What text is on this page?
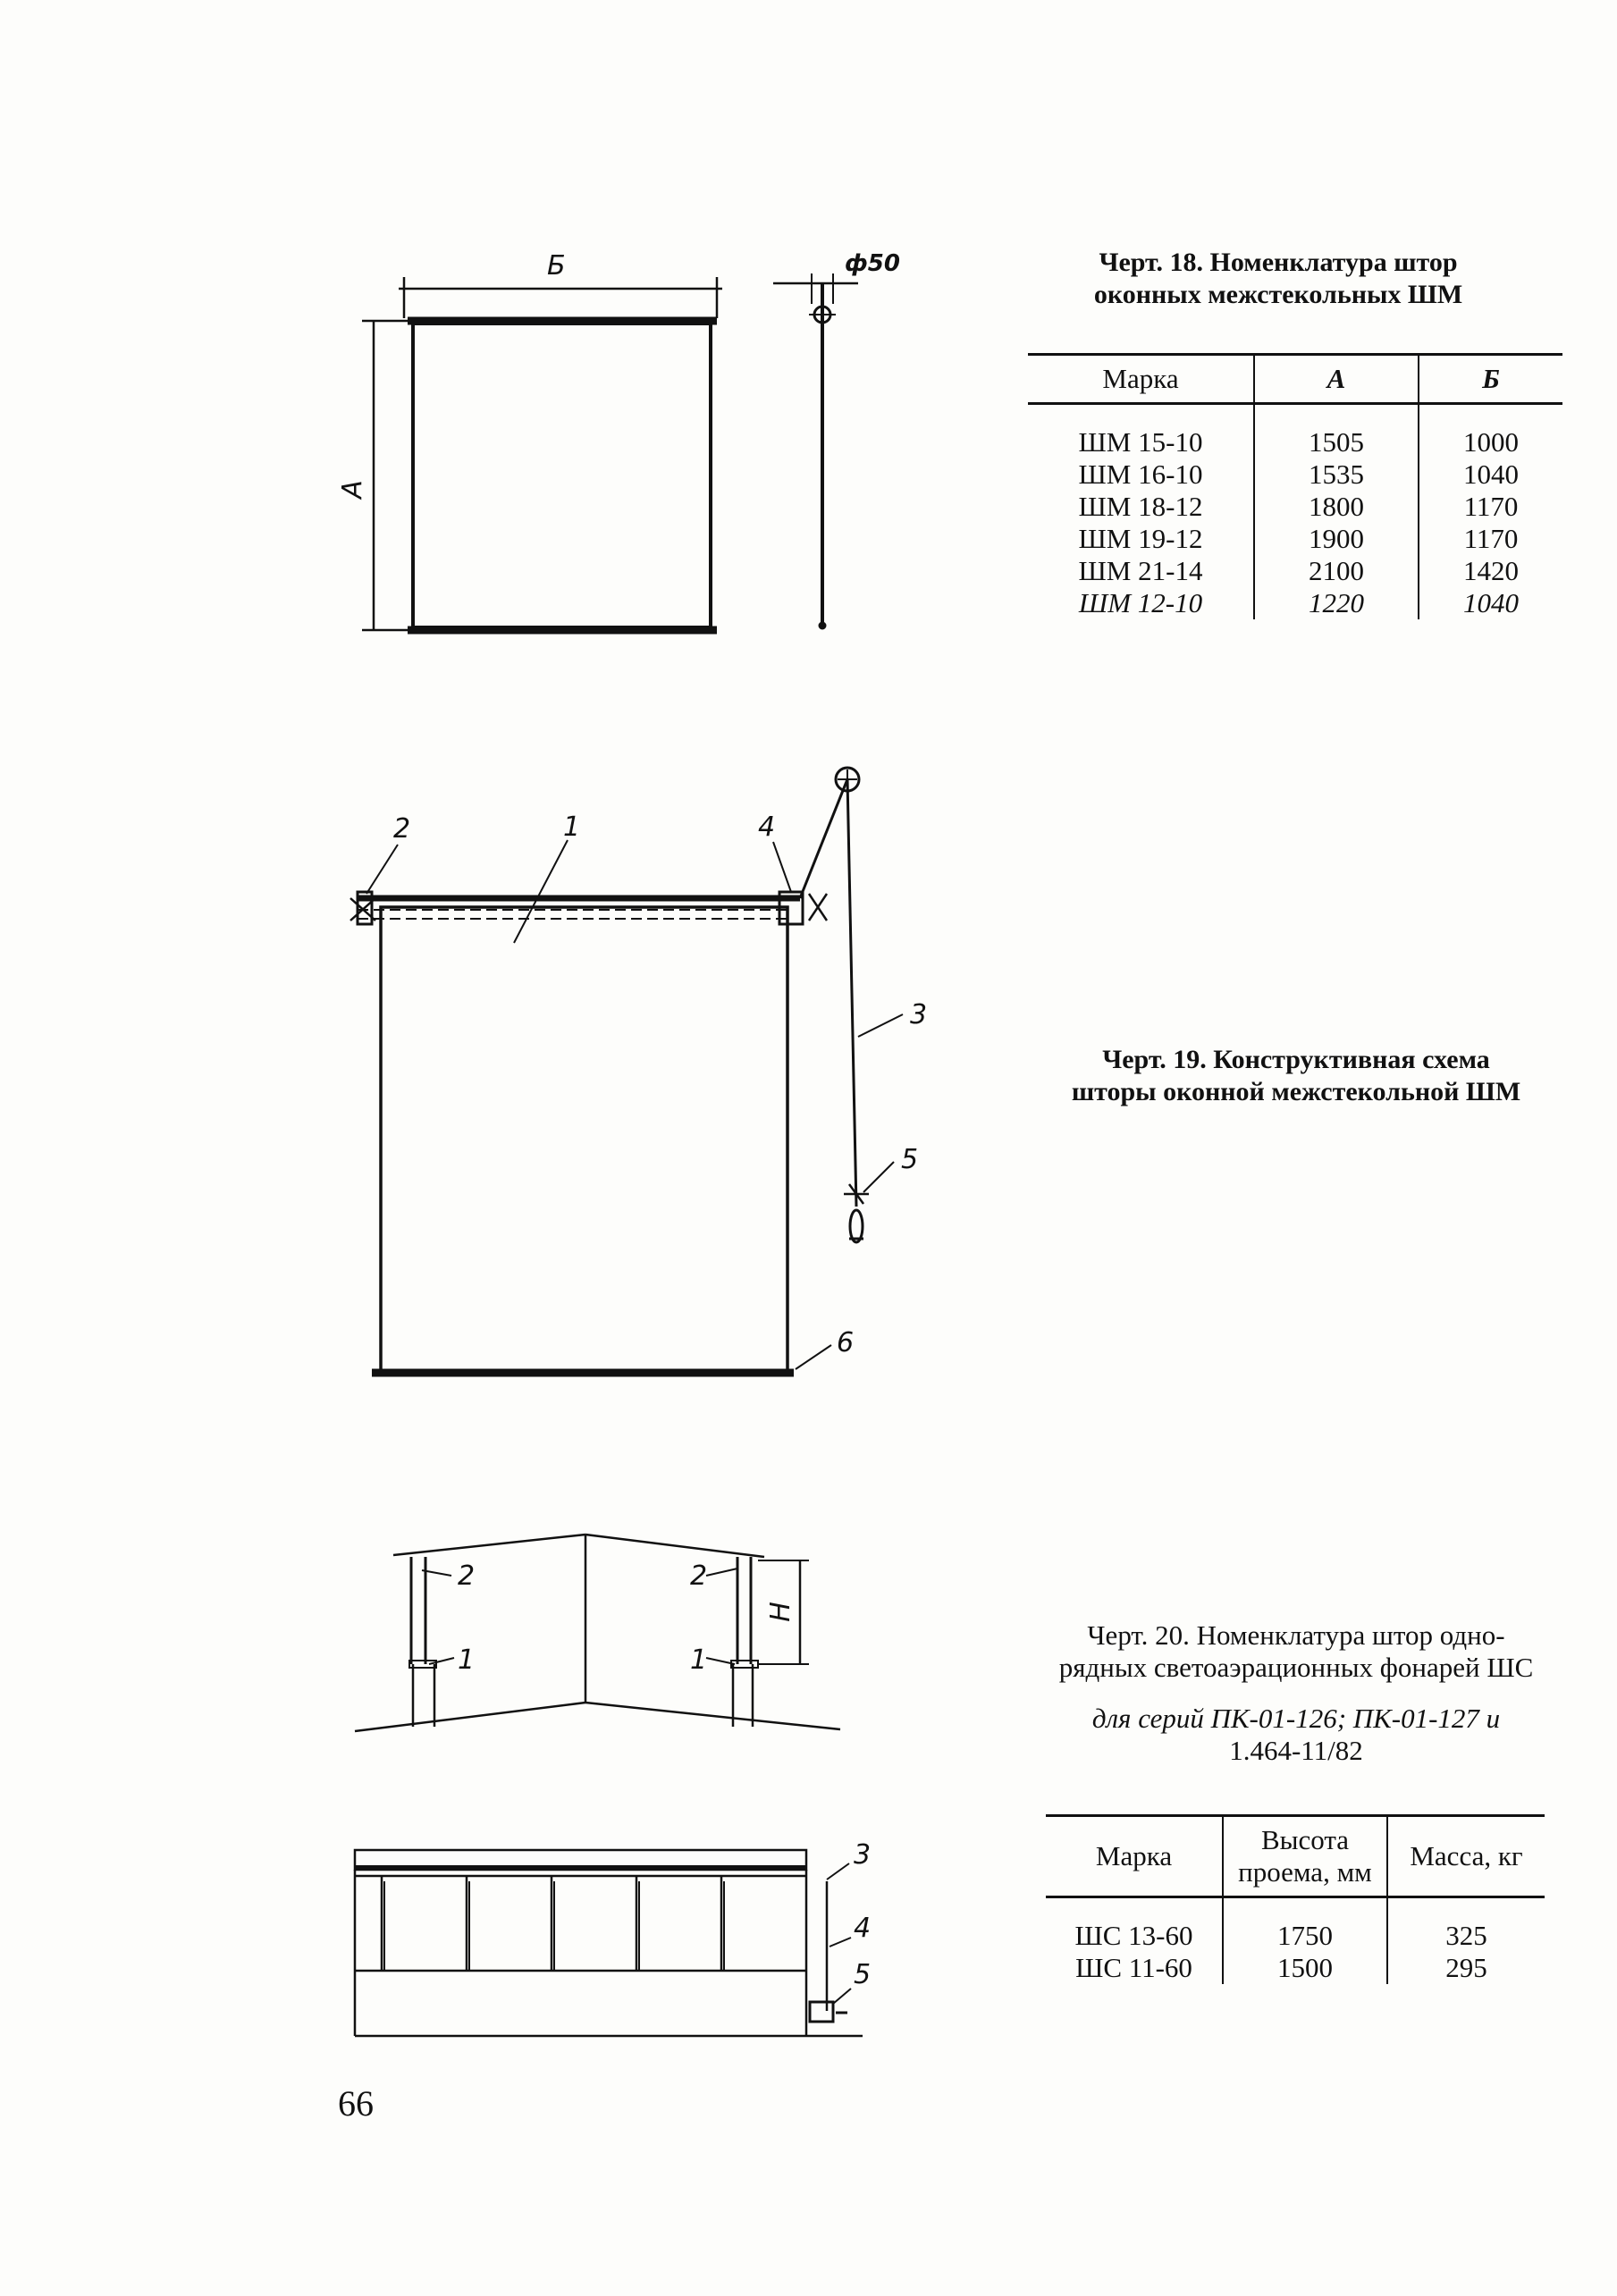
Б
А
ф50	Черт. 18. Номенклатура штор
оконных межстекольных ШМ
Марка	А	Б
ШМ 15-10	1505	1000
ШМ 16-10	1535	1040
ШМ 18-12	1800	1170
ШМ 19-12	1900	1170
ШМ 21-14	2100	1420
ШМ 12-10	1220	1040
2	1	4
3
5
6
Черт. 19. Конструктивная схема
шторы оконной межстекольной ШМ
2
1
2
1
Н
3
4
5
Черт. 20. Номенклатура штор одно-
рядных светоаэрационных фонарей ШС
для серий ПК-01-126; ПК-01-127 и
1.464-11/82
Марка	Высота проема, мм	Масса, кг
ШС 13-60	1750	325
ШС 11-60	1500	295
66
